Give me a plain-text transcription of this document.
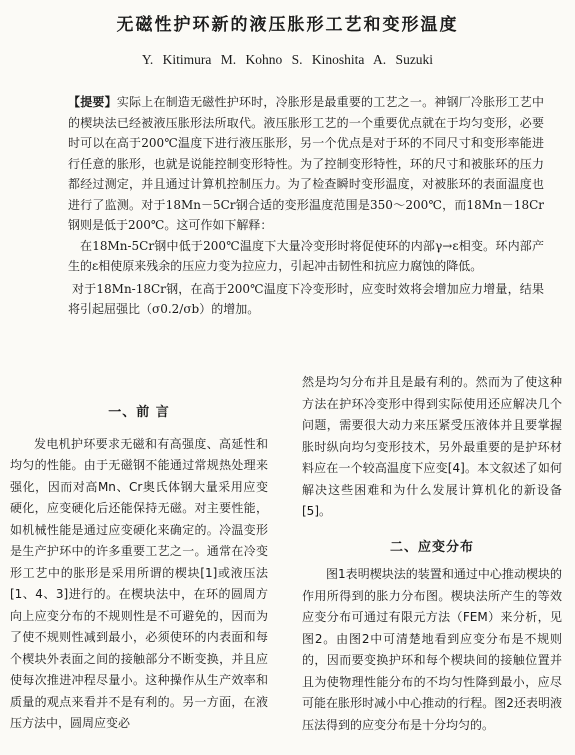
无磁性护环新的液压胀形工艺和变形温度
Y. Kitimura M. Kohno S. Kinoshita A. Suzuki

【提要】实际上在制造无磁性护环时，冷胀形是最重要的工艺之一。神钢厂冷胀形工艺中的楔块法已经被液压胀形法所取代。液压胀形工艺的一个重要优点就在于均匀变形，必要时可以在高于200℃温度下进行液压胀形，另一个优点是对于环的不同尺寸和变形率能进行任意的胀形，也就是说能控制变形特性。为了控制变形特性，环的尺寸和被胀环的压力都经过测定，并且通过计算机控制压力。为了检查瞬时变形温度，对被胀环的表面温度也进行了监测。对于18Mn－5Cr钢合适的变形温度范围是350～200℃，而18Mn－18Cr钢则是低于200℃。这可作如下解释：

在18Mn-5Cr钢中低于200℃温度下大量冷变形时将促使环的内部γ→ε相变。环内部产生的ε相使原来残余的压应力变为拉应力，引起冲击韧性和抗应力腐蚀的降低。

对于18Mn-18Cr钢，在高于200℃温度下冷变形时，应变时效将会增加应力增量，结果将引起屈强比（σ0.2/σb）的增加。

一、前 言

发电机护环要求无磁和有高强度、高延性和均匀的性能。由于无磁钢不能通过常规热处理来强化，因而对高Mn、Cr奥氏体钢大量采用应变硬化，应变硬化后还能保持无磁。对主要性能，如机械性能是通过应变硬化来确定的。冷温变形是生产护环中的许多重要工艺之一。通常在冷变形工艺中的胀形是采用所谓的楔块[1]或液压法[1、4、3]进行的。在楔块法中，在环的圆周方向上应变分布的不规则性是不可避免的，因而为了使不规则性减到最小，必须使环的内表面和每个楔块外表面之间的接触部分不断变换，并且应使每次推进冲程尽量小。这种操作从生产效率和质量的观点来看并不是有利的。另一方面，在液压方法中，圆周应变必

然是均匀分布并且是最有利的。然而为了使这种方法在护环冷变形中得到实际使用还应解决几个问题，需要很大动力来压紧受压液体并且要掌握胀时纵向均匀变形技术，另外最重要的是护环材料应在一个较高温度下应变[4]。本文叙述了如何解决这些困难和为什么发展计算机化的新设备[5]。

二、应变分布

图1表明楔块法的装置和通过中心推动楔块的作用所得到的胀力分布图。楔块法所产生的等效应变分布可通过有限元方法（FEM）来分析，见图2。由图2中可清楚地看到应变分布是不规则的，因而要变换护环和每个楔块间的接触位置并且为使物理性能分布的不均匀性降到最小，应尽可能在胀形时减小中心推动的行程。图2还表明液压法得到的应变分布是十分均匀的。
